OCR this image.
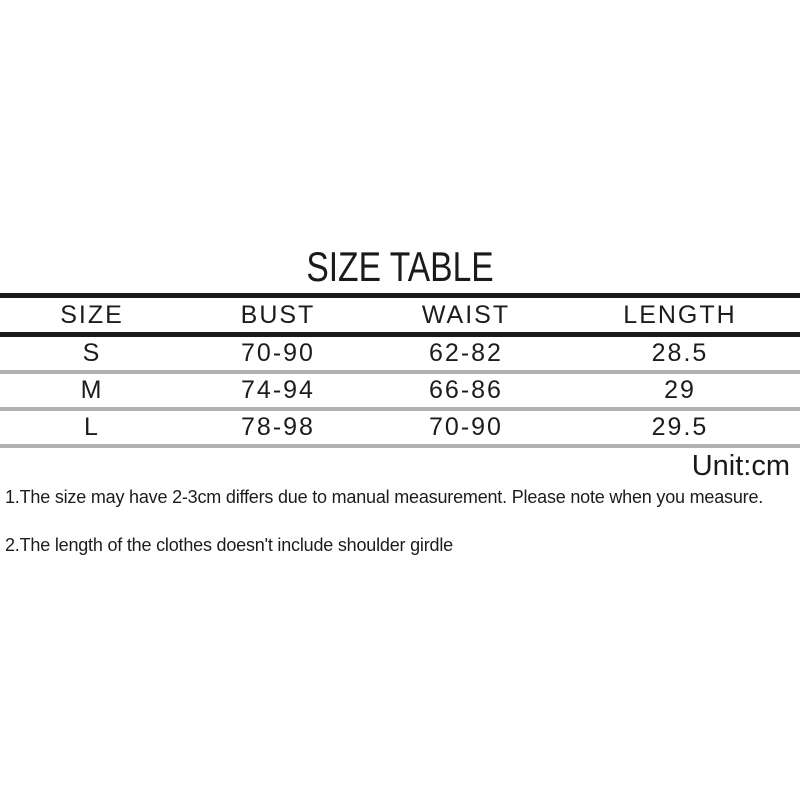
SIZE TABLE
SIZE	BUST	WAIST	LENGTH
S	70-90	62-82	28.5
M	74-94	66-86	29
L	78-98	70-90	29.5
Unit:cm
1.The size may have 2-3cm differs due to manual measurement. Please note when you measure.
2.The length of the clothes doesn't include shoulder girdle
